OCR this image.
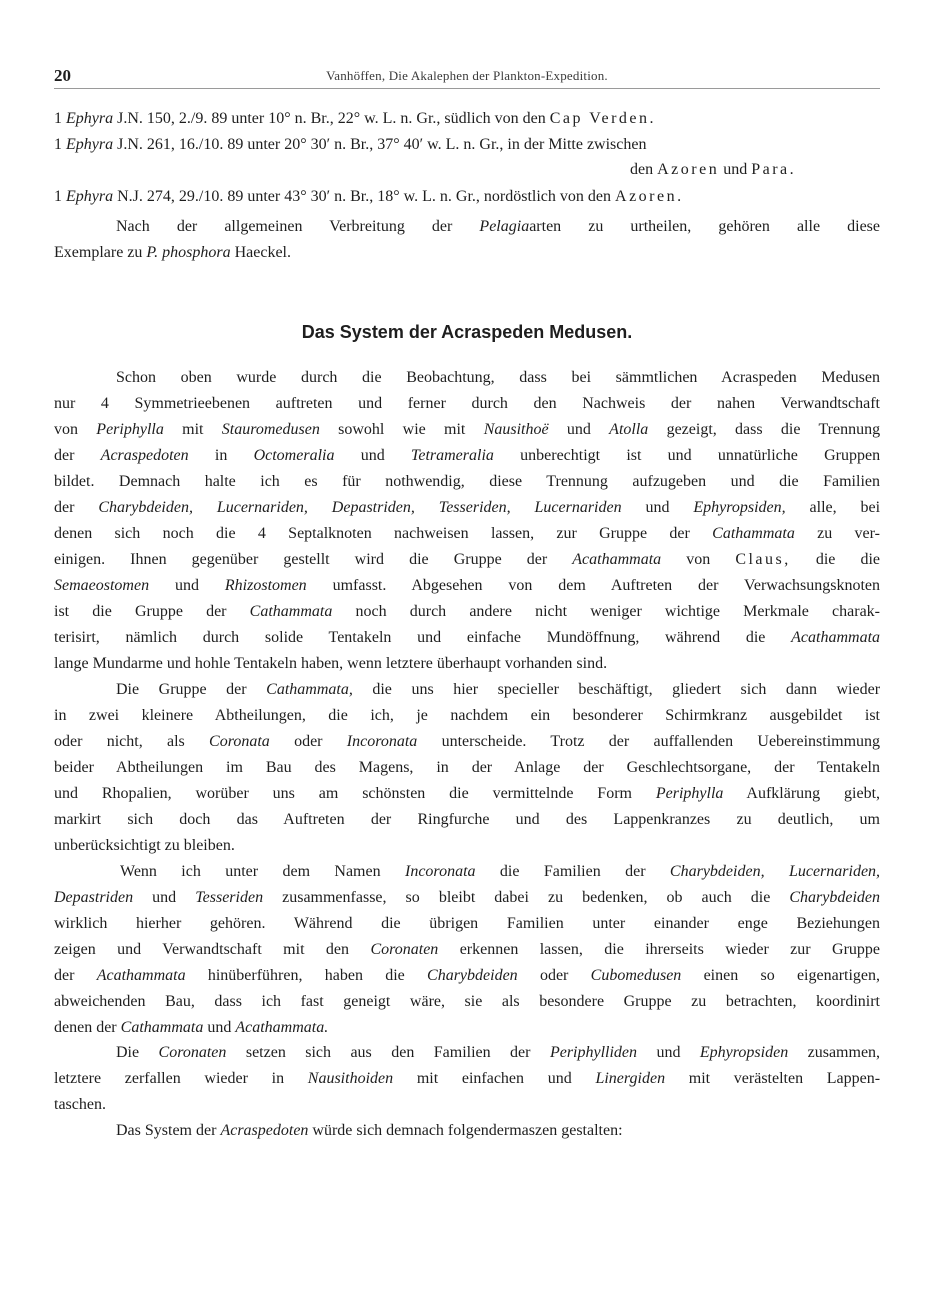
20	Vanhöffen, Die Akalephen der Plankton-Expedition.
1 Ephyra J.N. 150, 2./9. 89 unter 10° n. Br., 22° w. L. n. Gr., südlich von den Cap Verden.
1 Ephyra J.N. 261, 16./10. 89 unter 20° 30′ n. Br., 37° 40′ w. L. n. Gr., in der Mitte zwischen
den Azoren und Para.
1 Ephyra N.J. 274, 29./10. 89 unter 43° 30′ n. Br., 18° w. L. n. Gr., nordöstlich von den Azoren.
Nach der allgemeinen Verbreitung der Pelagiaarten zu urtheilen, gehören alle diese
Exemplare zu P. phosphora Haeckel.
Das System der Acraspeden Medusen.
Schon oben wurde durch die Beobachtung, dass bei sämmtlichen Acraspeden Medusen
nur 4 Symmetrieebenen auftreten und ferner durch den Nachweis der nahen Verwandtschaft
von Periphylla mit Stauromedusen sowohl wie mit Nausithoë und Atolla gezeigt, dass die Trennung
der Acraspedoten in Octomeralia und Tetrameralia unberechtigt ist und unnatürliche Gruppen
bildet. Demnach halte ich es für nothwendig, diese Trennung aufzugeben und die Familien
der Charybdeiden, Lucernariden, Depastriden, Tesseriden, Lucernariden und Ephyropsiden, alle, bei
denen sich noch die 4 Septalknoten nachweisen lassen, zur Gruppe der Cathammata zu ver-
einigen. Ihnen gegenüber gestellt wird die Gruppe der Acathammata von Claus, die die
Semaeostomen und Rhizostomen umfasst. Abgesehen von dem Auftreten der Verwachsungsknoten
ist die Gruppe der Cathammata noch durch andere nicht weniger wichtige Merkmale charak-
terisirt, nämlich durch solide Tentakeln und einfache Mundöffnung, während die Acathammata
lange Mundarme und hohle Tentakeln haben, wenn letztere überhaupt vorhanden sind.
Die Gruppe der Cathammata, die uns hier specieller beschäftigt, gliedert sich dann wieder
in zwei kleinere Abtheilungen, die ich, je nachdem ein besonderer Schirmkranz ausgebildet ist
oder nicht, als Coronata oder Incoronata unterscheide. Trotz der auffallenden Uebereinstimmung
beider Abtheilungen im Bau des Magens, in der Anlage der Geschlechtsorgane, der Tentakeln
und Rhopalien, worüber uns am schönsten die vermittelnde Form Periphylla Aufklärung giebt,
markirt sich doch das Auftreten der Ringfurche und des Lappenkranzes zu deutlich, um
unberücksichtigt zu bleiben.
Wenn ich unter dem Namen Incoronata die Familien der Charybdeiden, Lucernariden,
Depastriden und Tesseriden zusammenfasse, so bleibt dabei zu bedenken, ob auch die Charybdeiden
wirklich hierher gehören. Während die übrigen Familien unter einander enge Beziehungen
zeigen und Verwandtschaft mit den Coronaten erkennen lassen, die ihrerseits wieder zur Gruppe
der Acathammata hinüberführen, haben die Charybdeiden oder Cubomedusen einen so eigenartigen,
abweichenden Bau, dass ich fast geneigt wäre, sie als besondere Gruppe zu betrachten, koordinirt
denen der Cathammata und Acathammata.
Die Coronaten setzen sich aus den Familien der Periphylliden und Ephyropsiden zusammen,
letztere zerfallen wieder in Nausithoiden mit einfachen und Linergiden mit verästelten Lappen-
taschen.
Das System der Acraspedoten würde sich demnach folgendermaszen gestalten:
